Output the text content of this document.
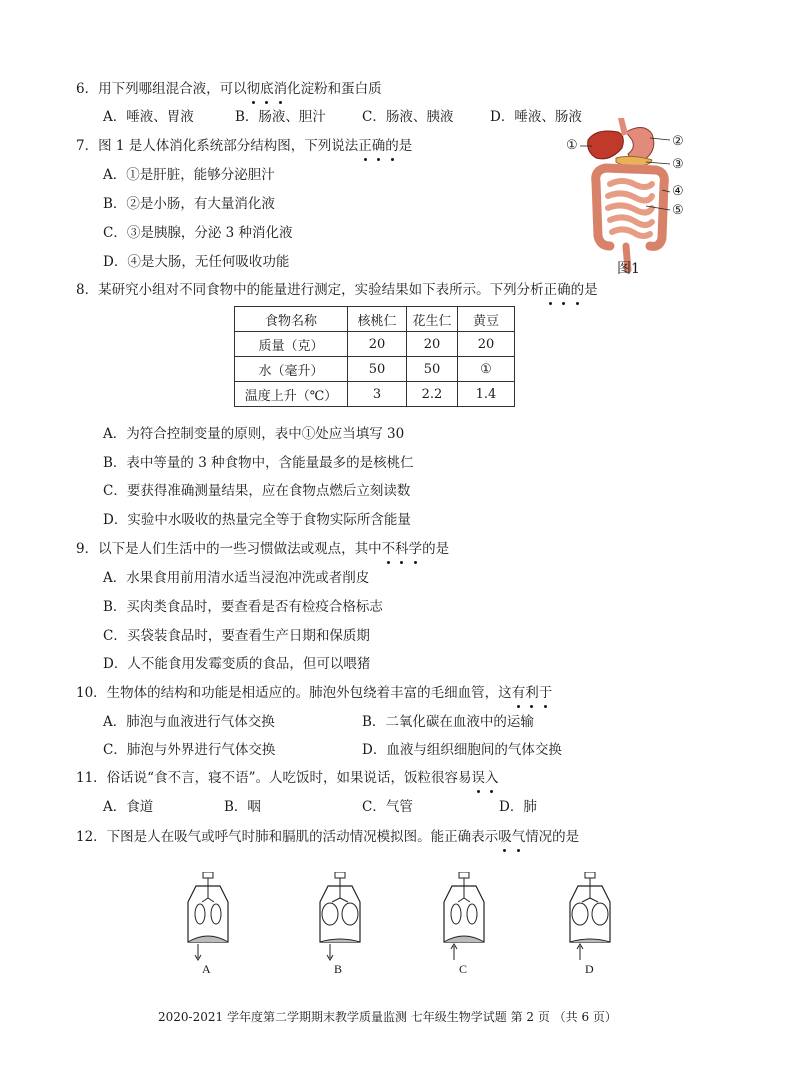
6．用下列哪组混合液，可以彻底消化淀粉和蛋白质
A．唾液、胃液	B．肠液、胆汁	C．肠液、胰液	D．唾液、肠液
7．图 1 是人体消化系统部分结构图，下列说法正确的是
A．①是肝脏，能够分泌胆汁
B．②是小肠，有大量消化液
C．③是胰腺，分泌 3 种消化液
D．④是大肠，无任何吸收功能
①	②
③
④
⑤
图1
8．某研究小组对不同食物中的能量进行测定，实验结果如下表所示。下列分析正确的是
食物名称	核桃仁	花生仁	黄豆
质量（克）	20	20	20
水（毫升）	50	50	①
温度上升（℃）	3	2.2	1.4
A．为符合控制变量的原则，表中①处应当填写 30
B．表中等量的 3 种食物中，含能量最多的是核桃仁
C．要获得准确测量结果，应在食物点燃后立刻读数
D．实验中水吸收的热量完全等于食物实际所含能量
9．以下是人们生活中的一些习惯做法或观点，其中不科学的是
A．水果食用前用清水适当浸泡冲洗或者削皮
B．买肉类食品时，要查看是否有检疫合格标志
C．买袋装食品时，要查看生产日期和保质期
D．人不能食用发霉变质的食品，但可以喂猪
10．生物体的结构和功能是相适应的。肺泡外包绕着丰富的毛细血管，这有利于
A．肺泡与血液进行气体交换	B．二氧化碳在血液中的运输
C．肺泡与外界进行气体交换	D．血液与组织细胞间的气体交换
11．俗话说“食不言，寝不语”。人吃饭时，如果说话，饭粒很容易误入
A．食道	B．咽	C．气管	D．肺
12．下图是人在吸气或呼气时肺和膈肌的活动情况模拟图。能正确表示吸气情况的是
A	B	C	D
2020-2021 学年度第二学期期末教学质量监测 七年级生物学试题 第 2 页 （共 6 页）
